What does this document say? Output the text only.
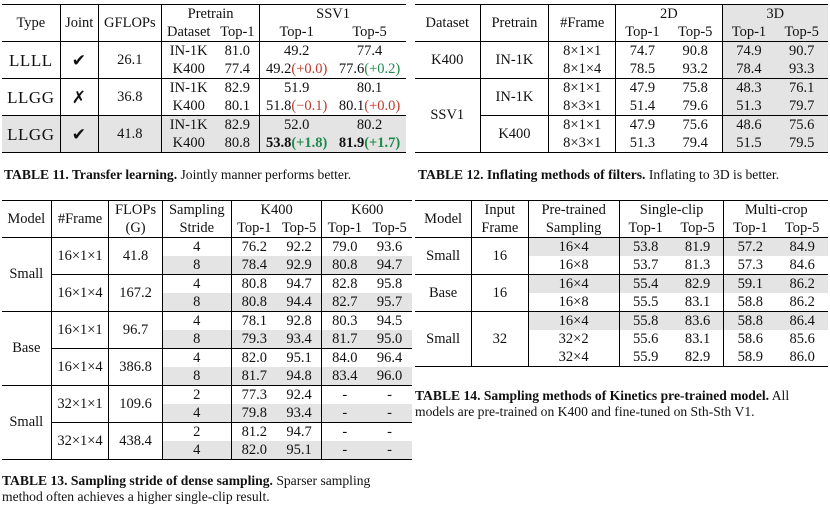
Type	Joint	GFLOPs	Pretrain		SSV1	
			Dataset	Top-1	Top-1	Top-5
LLLL	✔	26.1	IN-1K	81.0	49.2	77.4
			K400	77.4	49.2(+0.0)	77.6(+0.2)
LLGG	✗	36.8	IN-1K	82.9	51.9	80.1
			K400	80.1	51.8(−0.1)	80.1(+0.0)
LLGG	✔	41.8	IN-1K	82.9	52.0	80.2
			K400	80.8	53.8(+1.8)	81.9(+1.7)
TABLE 11. Transfer learning. Jointly manner performs better.
Dataset	Pretrain	#Frame	2D		3D	
			Top-1	Top-5	Top-1	Top-5
K400	IN-1K	8×1×1	74.7	90.8	74.9	90.7
		8×1×4	78.5	93.2	78.4	93.3
SSV1	IN-1K	8×1×1	47.9	75.8	48.3	76.1
		8×3×1	51.4	79.6	51.3	79.7
	K400	8×1×1	47.9	75.6	48.6	75.6
		8×3×1	51.3	79.4	51.5	79.5
TABLE 12. Inflating methods of filters. Inflating to 3D is better.
Model	#Frame	FLOPs	Sampling	K400		K600	
		(G)	Stride	Top-1	Top-5	Top-1	Top-5
Small	16×1×1	41.8	4	76.2	92.2	79.0	93.6
			8	78.4	92.9	80.8	94.7
	16×1×4	167.2	4	80.8	94.7	82.8	95.8
			8	80.8	94.4	82.7	95.7
Base	16×1×1	96.7	4	78.1	92.8	80.3	94.5
			8	79.3	93.4	81.7	95.0
	16×1×4	386.8	4	82.0	95.1	84.0	96.4
			8	81.7	94.8	83.4	96.0
Small	32×1×1	109.6	2	77.3	92.4	-	-
			4	79.8	93.4	-	-
	32×1×4	438.4	2	81.2	94.7	-	-
			4	82.0	95.1	-	-
TABLE 13. Sampling stride of dense sampling. Sparser sampling method often achieves a higher single-clip result.
Model	Input	Pre-trained	Single-clip		Multi-crop	
	Frame	Sampling	Top-1	Top-5	Top-1	Top-5
Small	16	16×4	53.8	81.9	57.2	84.9
		16×8	53.7	81.3	57.3	84.6
Base	16	16×4	55.4	82.9	59.1	86.2
		16×8	55.5	83.1	58.8	86.2
Small	32	16×4	55.8	83.6	58.8	86.4
		32×2	55.6	83.1	58.6	85.6
		32×4	55.9	82.9	58.9	86.0
TABLE 14. Sampling methods of Kinetics pre-trained model. All models are pre-trained on K400 and fine-tuned on Sth-Sth V1.
